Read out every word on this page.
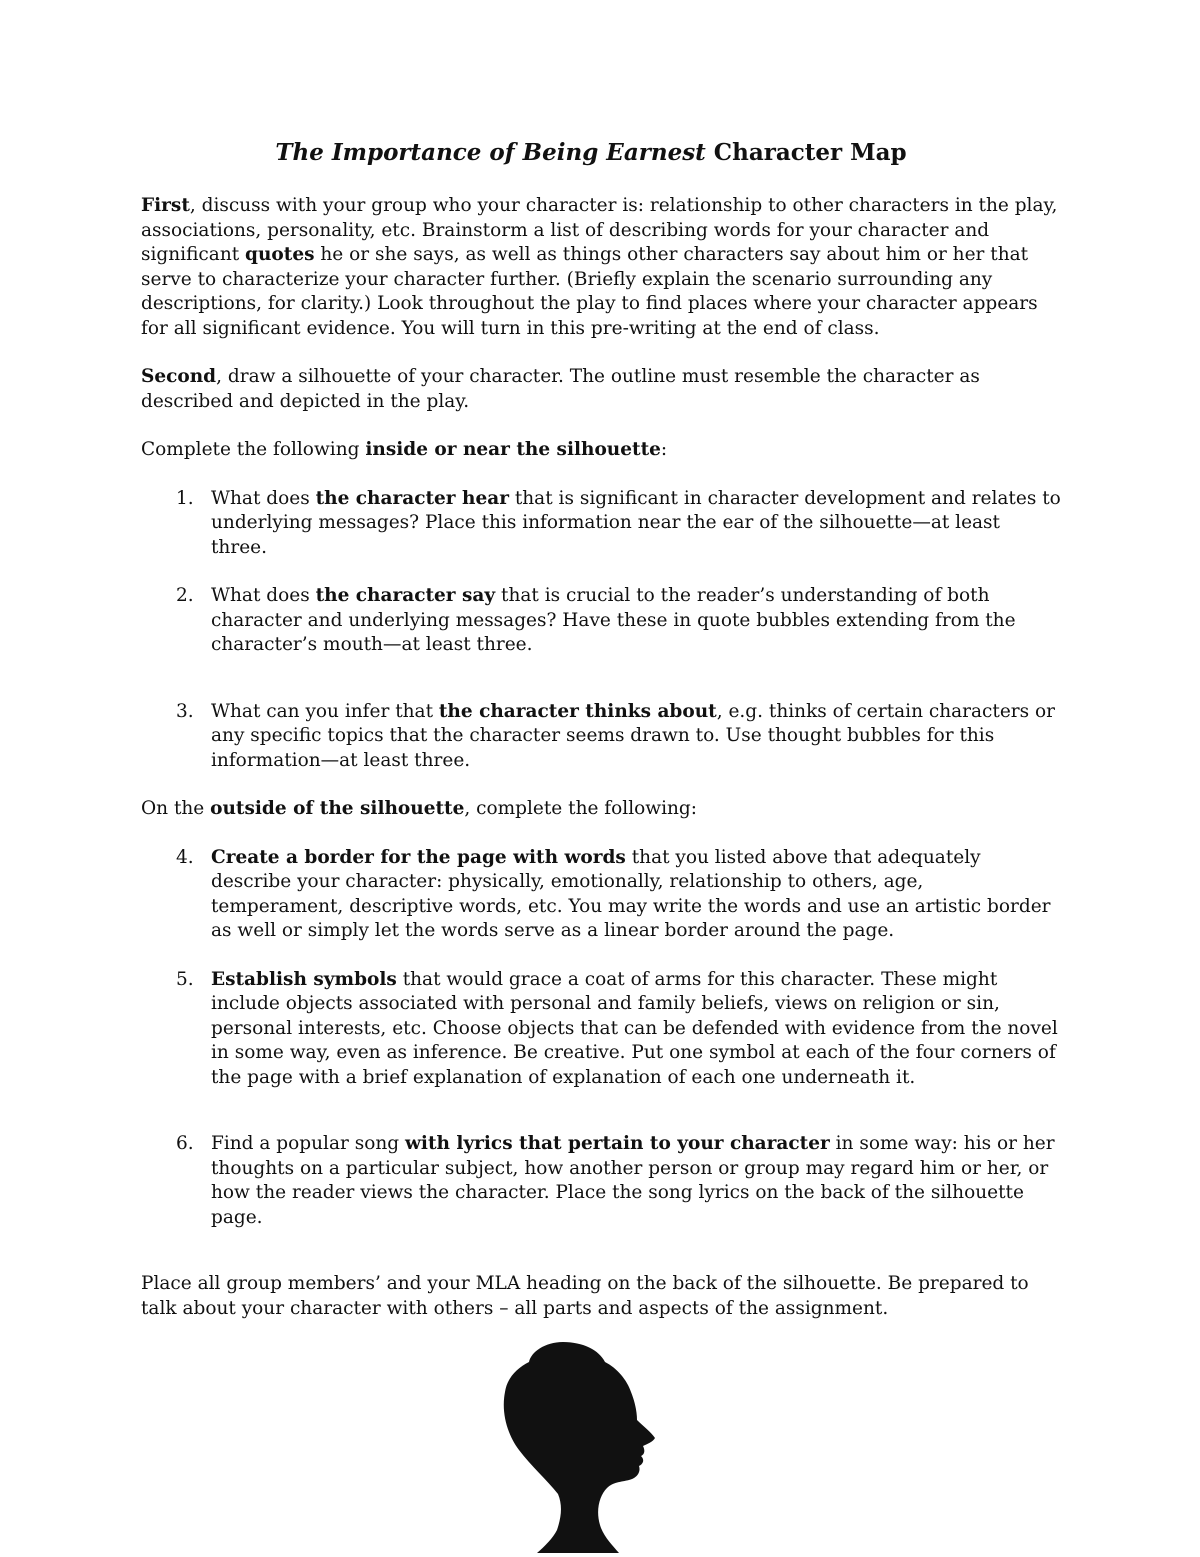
The Importance of Being Earnest Character Map

First, discuss with your group who your character is: relationship to other characters in the play, associations, personality, etc. Brainstorm a list of describing words for your character and significant quotes he or she says, as well as things other characters say about him or her that serve to characterize your character further. (Briefly explain the scenario surrounding any descriptions, for clarity.) Look throughout the play to find places where your character appears for all significant evidence. You will turn in this pre-writing at the end of class.

Second, draw a silhouette of your character. The outline must resemble the character as described and depicted in the play.

Complete the following inside or near the silhouette:

1. What does the character hear that is significant in character development and relates to underlying messages? Place this information near the ear of the silhouette—at least three.
2. What does the character say that is crucial to the reader’s understanding of both character and underlying messages? Have these in quote bubbles extending from the character’s mouth—at least three.
3. What can you infer that the character thinks about, e.g. thinks of certain characters or any specific topics that the character seems drawn to. Use thought bubbles for this information—at least three.

On the outside of the silhouette, complete the following:

4. Create a border for the page with words that you listed above that adequately describe your character: physically, emotionally, relationship to others, age, temperament, descriptive words, etc. You may write the words and use an artistic border as well or simply let the words serve as a linear border around the page.
5. Establish symbols that would grace a coat of arms for this character. These might include objects associated with personal and family beliefs, views on religion or sin, personal interests, etc. Choose objects that can be defended with evidence from the novel in some way, even as inference. Be creative. Put one symbol at each of the four corners of the page with a brief explanation of explanation of each one underneath it.
6. Find a popular song with lyrics that pertain to your character in some way: his or her thoughts on a particular subject, how another person or group may regard him or her, or how the reader views the character. Place the song lyrics on the back of the silhouette page.

Place all group members’ and your MLA heading on the back of the silhouette. Be prepared to talk about your character with others – all parts and aspects of the assignment.
